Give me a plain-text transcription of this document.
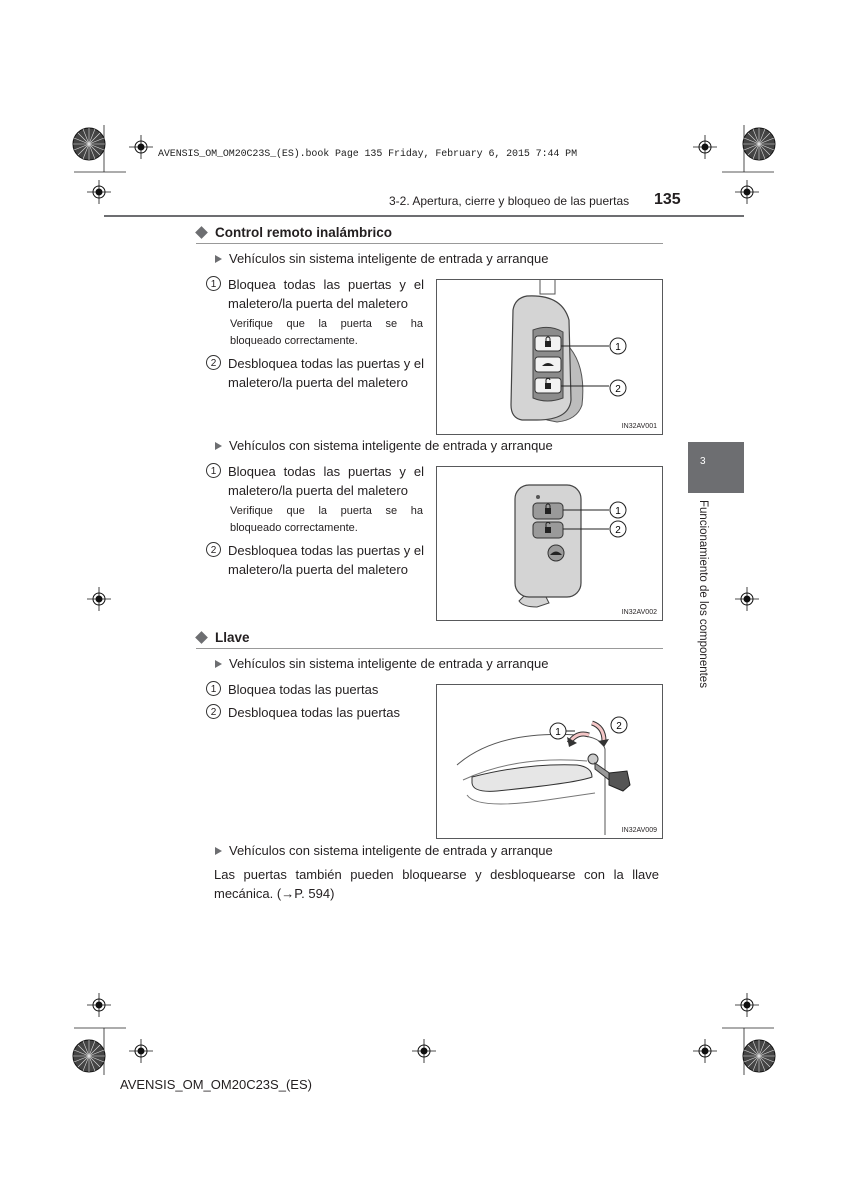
AVENSIS_OM_OM20C23S_(ES).book Page 135 Friday, February 6, 2015 7:44 PM
3-2. Apertura, cierre y bloqueo de las puertas 135
3
Funcionamiento de los componentes
Control remoto inalámbrico
Vehículos sin sistema inteligente de entrada y arranque
1 Bloquea todas las puertas y el maletero/la puerta del maletero
Verifique que la puerta se ha bloqueado correctamente.
2 Desbloquea todas las puertas y el maletero/la puerta del maletero
1
2
IN32AV001
Vehículos con sistema inteligente de entrada y arranque
1 Bloquea todas las puertas y el maletero/la puerta del maletero
Verifique que la puerta se ha bloqueado correctamente.
2 Desbloquea todas las puertas y el maletero/la puerta del maletero
1
2
IN32AV002
Llave
Vehículos sin sistema inteligente de entrada y arranque
1 Bloquea todas las puertas
2 Desbloquea todas las puertas
1
2
IN32AV009
Vehículos con sistema inteligente de entrada y arranque
Las puertas también pueden bloquearse y desbloquearse con la llave mecánica. (→P. 594)
AVENSIS_OM_OM20C23S_(ES)
